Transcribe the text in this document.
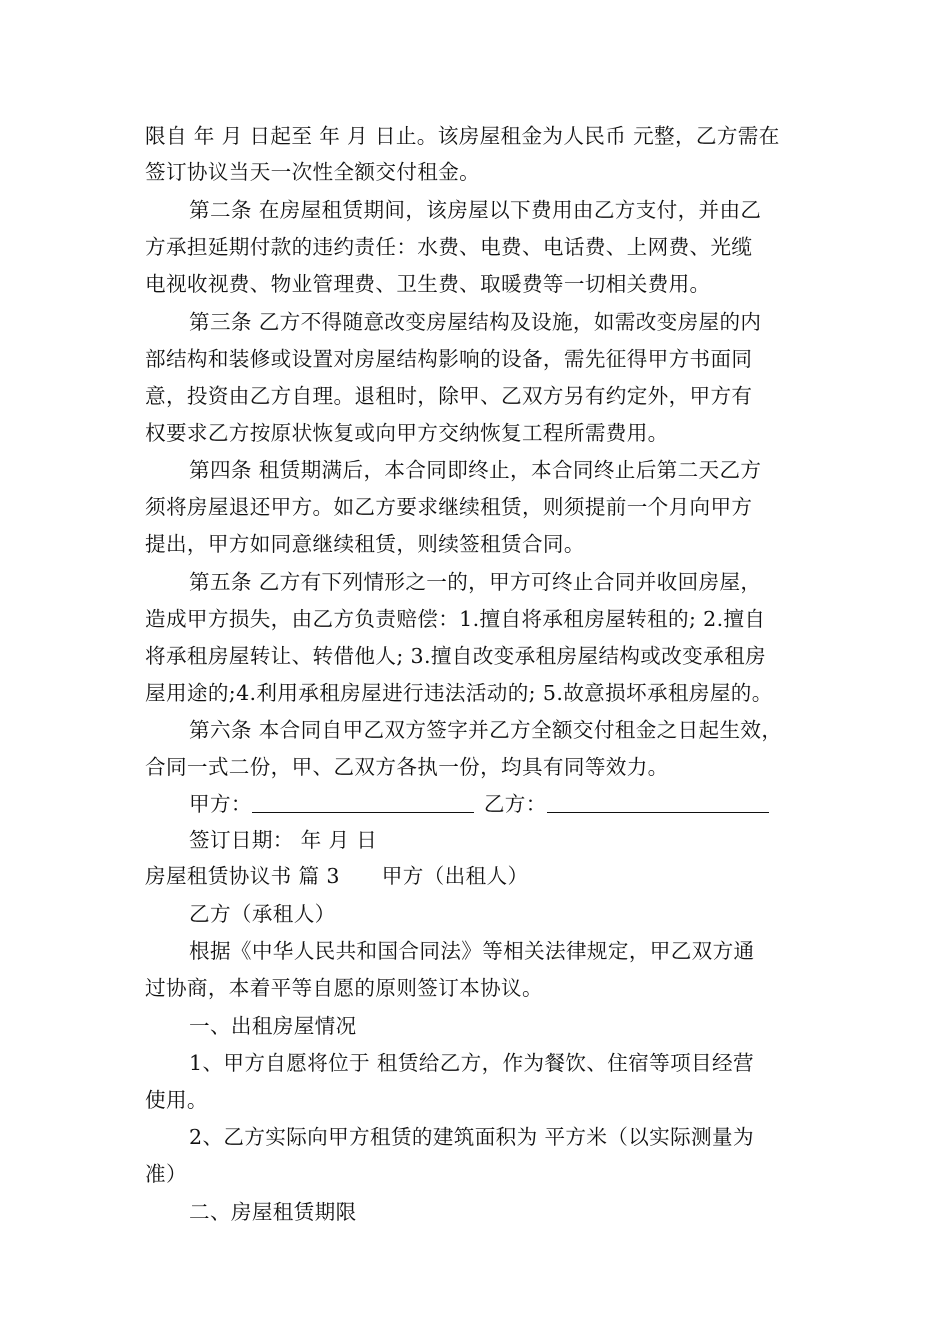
限自 年 月 日起至 年 月 日止。该房屋租金为人民币 元整，乙方需在
签订协议当天一次性全额交付租金。
第二条 在房屋租赁期间，该房屋以下费用由乙方支付，并由乙
方承担延期付款的违约责任：水费、电费、电话费、上网费、光缆
电视收视费、物业管理费、卫生费、取暖费等一切相关费用。
第三条 乙方不得随意改变房屋结构及设施，如需改变房屋的内
部结构和装修或设置对房屋结构影响的设备，需先征得甲方书面同
意，投资由乙方自理。退租时，除甲、乙双方另有约定外，甲方有
权要求乙方按原状恢复或向甲方交纳恢复工程所需费用。
第四条 租赁期满后，本合同即终止，本合同终止后第二天乙方
须将房屋退还甲方。如乙方要求继续租赁，则须提前一个月向甲方
提出，甲方如同意继续租赁，则续签租赁合同。
第五条 乙方有下列情形之一的，甲方可终止合同并收回房屋，
造成甲方损失，由乙方负责赔偿：1.擅自将承租房屋转租的; 2.擅自
将承租房屋转让、转借他人; 3.擅自改变承租房屋结构或改变承租房
屋用途的;4.利用承租房屋进行违法活动的; 5.故意损坏承租房屋的。
第六条 本合同自甲乙双方签字并乙方全额交付租金之日起生效，
合同一式二份，甲、乙双方各执一份，均具有同等效力。
甲方：	乙方：
签订日期： 年 月 日
房屋租赁协议书 篇 3 甲方（出租人）
乙方（承租人）
根据《中华人民共和国合同法》等相关法律规定，甲乙双方通
过协商，本着平等自愿的原则签订本协议。
一、出租房屋情况
1、甲方自愿将位于 租赁给乙方，作为餐饮、住宿等项目经营
使用。
2、乙方实际向甲方租赁的建筑面积为 平方米（以实际测量为
准）
二、房屋租赁期限
